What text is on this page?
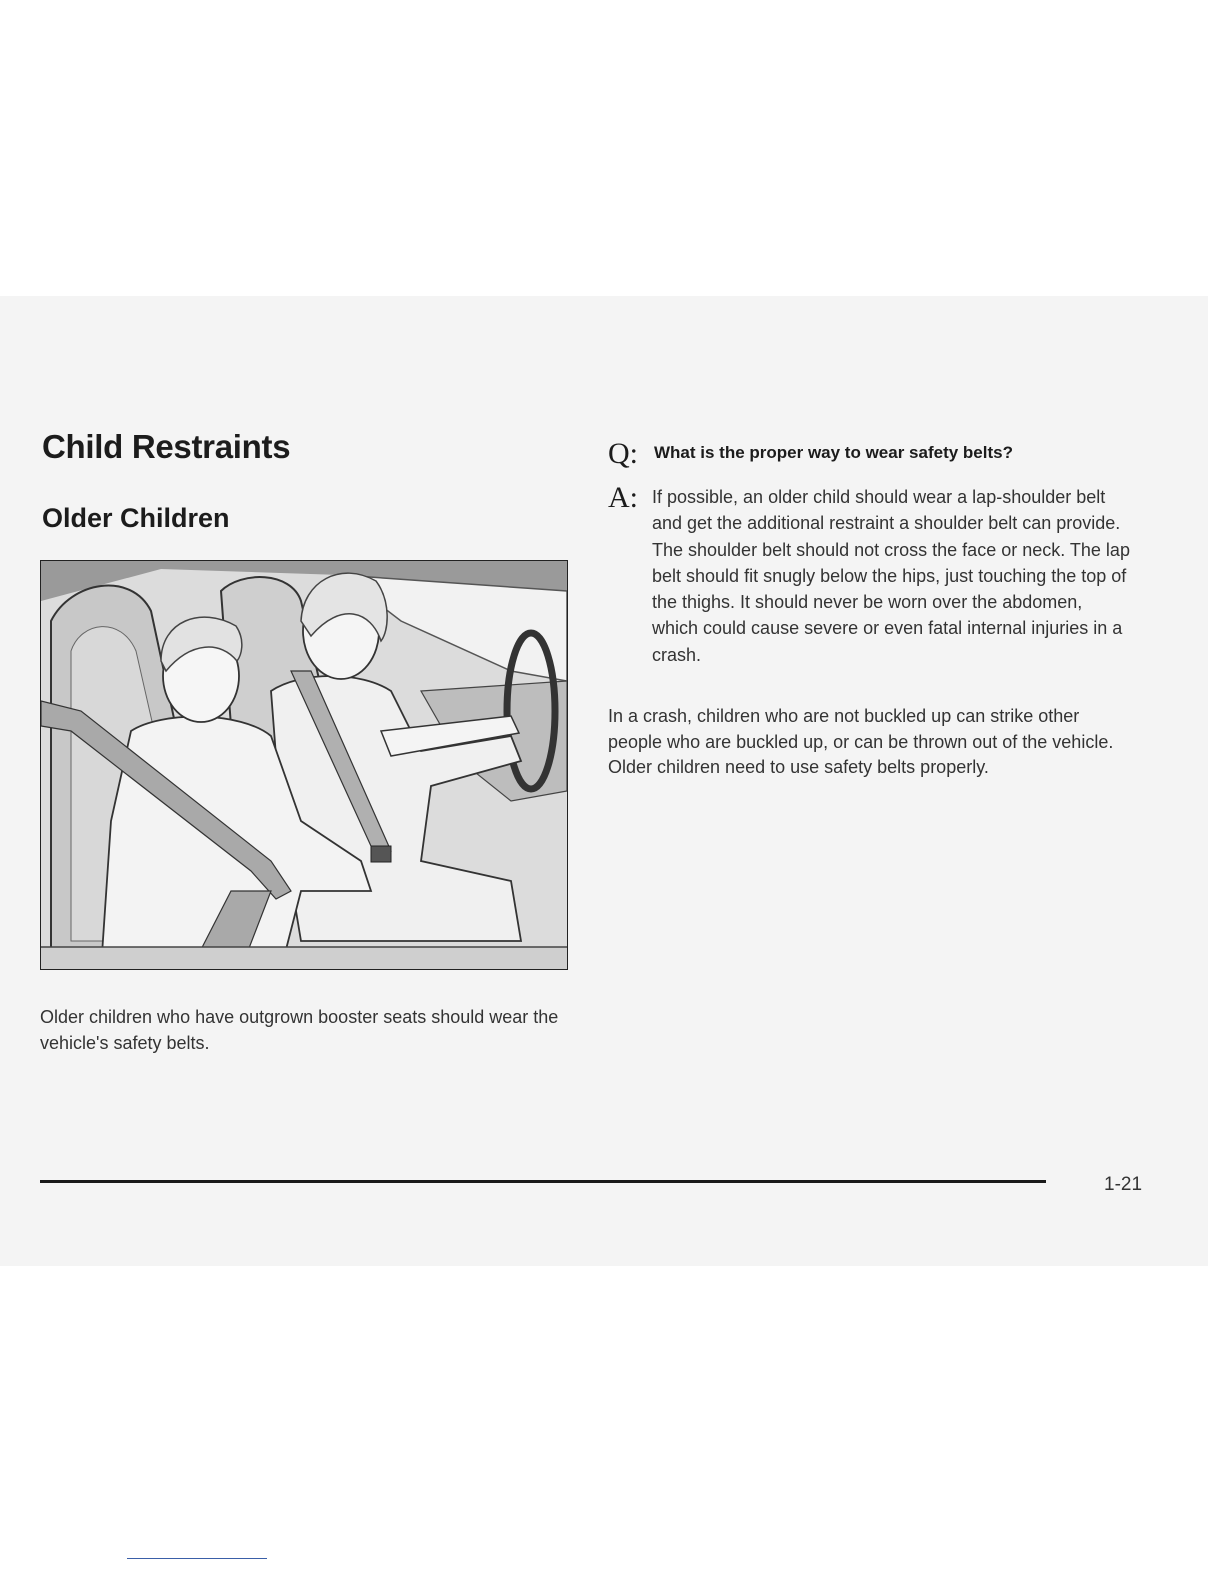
Child Restraints
Older Children

Older children who have outgrown booster seats should wear the vehicle's safety belts.

Q: What is the proper way to wear safety belts?
A: If possible, an older child should wear a lap-shoulder belt and get the additional restraint a shoulder belt can provide. The shoulder belt should not cross the face or neck. The lap belt should fit snugly below the hips, just touching the top of the thighs. It should never be worn over the abdomen, which could cause severe or even fatal internal injuries in a crash.

In a crash, children who are not buckled up can strike other people who are buckled up, or can be thrown out of the vehicle. Older children need to use safety belts properly.

1-21
